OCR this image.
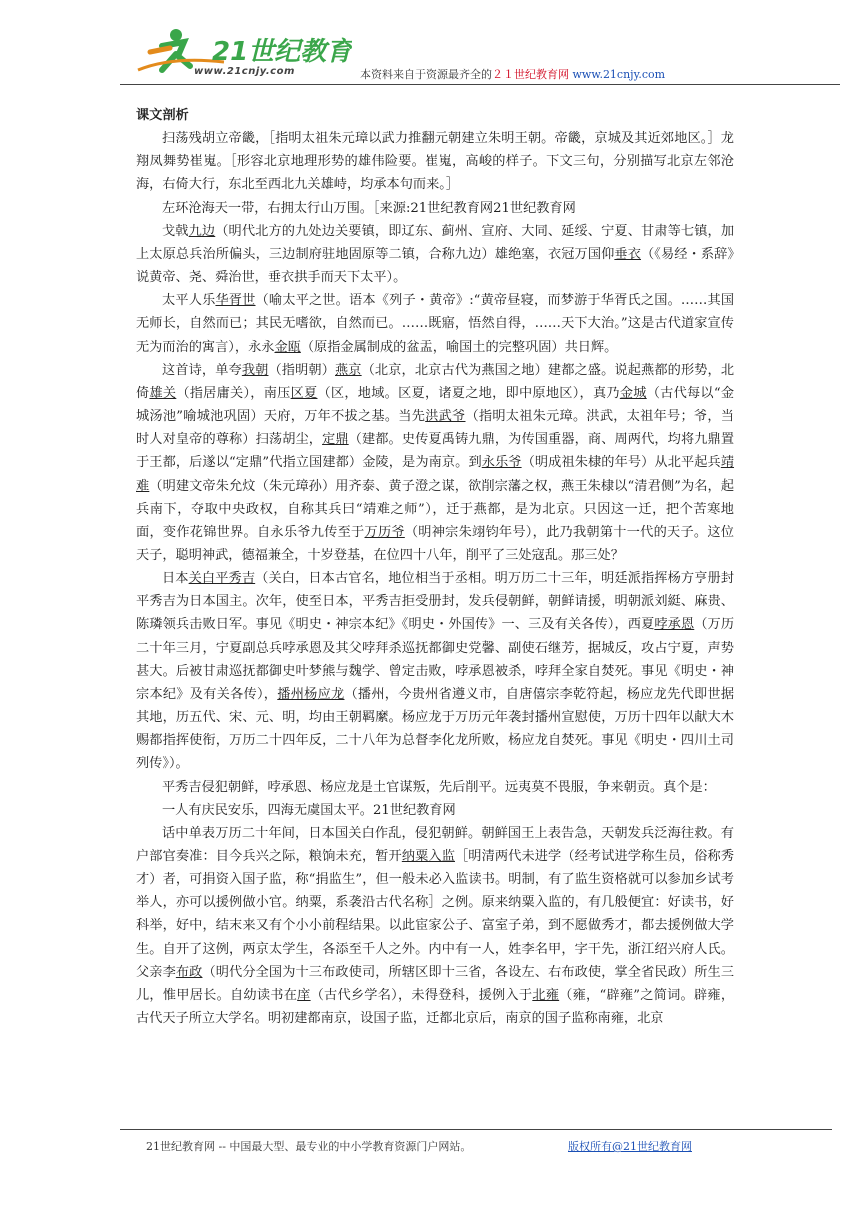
21世纪教育
www.21cnjy.com	本资料来自于资源最齐全的２１世纪教育网 www.21cnjy.com
课文剖析

扫荡残胡立帝畿，［指明太祖朱元璋以武力推翻元朝建立朱明王朝。帝畿，京城及其近郊地区。］龙翔凤舞势崔嵬。［形容北京地理形势的雄伟险要。崔嵬，高峻的样子。下文三句，分别描写北京左邻沧海，右倚大行，东北至西北九关雄峙，均承本句而来。］

左环沧海天一带，右拥太行山万围。［来源:21世纪教育网21世纪教育网

戈戟九边（明代北方的九处边关要镇，即辽东、蓟州、宣府、大同、延绥、宁夏、甘肃等七镇，加上太原总兵治所偏头，三边制府驻地固原等二镇，合称九边）雄绝塞，衣冠万国仰垂衣（《易经・系辞》说黄帝、尧、舜治世，垂衣拱手而天下太平）。

太平人乐华胥世（喻太平之世。语本《列子・黄帝》:“黄帝昼寝，而梦游于华胥氏之国。……其国无师长，自然而已；其民无嗜欲，自然而已。……既寤，悟然自得，……天下大治。”这是古代道家宣传无为而治的寓言），永永金瓯（原指金属制成的盆盂，喻国土的完整巩固）共日辉。

这首诗，单夸我朝（指明朝）燕京（北京，北京古代为燕国之地）建都之盛。说起燕都的形势，北倚雄关（指居庸关），南压区夏（区，地域。区夏，诸夏之地，即中原地区），真乃金城（古代每以“金城汤池”喻城池巩固）天府，万年不拔之基。当先洪武爷（指明太祖朱元璋。洪武，太祖年号；爷，当时人对皇帝的尊称）扫荡胡尘，定鼎（建都。史传夏禹铸九鼎，为传国重器，商、周两代，均将九鼎置于王都，后遂以“定鼎”代指立国建都）金陵，是为南京。到永乐爷（明成祖朱棣的年号）从北平起兵靖难（明建文帝朱允炆（朱元璋孙）用齐泰、黄子澄之谋，欲削宗藩之权，燕王朱棣以“清君侧”为名，起兵南下，夺取中央政权，自称其兵曰“靖难之师”），迁于燕都，是为北京。只因这一迁，把个苦寒地面，变作花锦世界。自永乐爷九传至于万历爷（明神宗朱翊钧年号），此乃我朝第十一代的天子。这位天子，聪明神武，德福兼全，十岁登基，在位四十八年，削平了三处寇乱。那三处？

日本关白平秀吉（关白，日本古官名，地位相当于丞相。明万历二十三年，明廷派指挥杨方亨册封平秀吉为日本国主。次年，使至日本，平秀吉拒受册封，发兵侵朝鲜，朝鲜请援，明朝派刘綎、麻贵、陈璘领兵击败日军。事见《明史・神宗本纪》《明史・外国传》一、三及有关各传），西夏哱承恩（万历二十年三月，宁夏副总兵哱承恩及其父哱拜杀巡抚都御史党馨、副使石继芳，据城反，攻占宁夏，声势甚大。后被甘肃巡抚都御史叶梦熊与魏学、曾定击败，哱承恩被杀，哱拜全家自焚死。事见《明史・神宗本纪》及有关各传），播州杨应龙（播州，今贵州省遵义市，自唐僖宗李乾符起，杨应龙先代即世据其地，历五代、宋、元、明，均由王朝羁縻。杨应龙于万历元年袭封播州宣慰使，万历十四年以献大木赐都指挥使衔，万历二十四年反，二十八年为总督李化龙所败，杨应龙自焚死。事见《明史・四川土司列传》）。

平秀吉侵犯朝鲜，哱承恩、杨应龙是土官谋叛，先后削平。远夷莫不畏服，争来朝贡。真个是：

一人有庆民安乐，四海无虞国太平。21世纪教育网

话中单表万历二十年间，日本国关白作乱，侵犯朝鲜。朝鲜国王上表告急，天朝发兵泛海往救。有户部官奏准：目今兵兴之际，粮饷未充，暂开纳粟入监［明清两代未进学（经考试进学称生员，俗称秀才）者，可捐资入国子监，称“捐监生”，但一般未必入监读书。明制，有了监生资格就可以参加乡试考举人，亦可以援例做小官。纳粟，系袭沿古代名称］之例。原来纳粟入监的，有几般便宜：好读书，好科举，好中，结末来又有个小小前程结果。以此宦家公子、富室子弟，到不愿做秀才，都去援例做大学生。自开了这例，两京太学生，各添至千人之外。内中有一人，姓李名甲，字干先，浙江绍兴府人氏。父亲李布政（明代分全国为十三布政使司，所辖区即十三省，各设左、右布政使，掌全省民政）所生三儿，惟甲居长。自幼读书在庠（古代乡学名），未得登科，援例入于北雍（雍，“辟雍”之简词。辟雍，古代天子所立大学名。明初建都南京，设国子监，迁都北京后，南京的国子监称南雍，北京

21世纪教育网 -- 中国最大型、最专业的中小学教育资源门户网站。	版权所有@21世纪教育网
